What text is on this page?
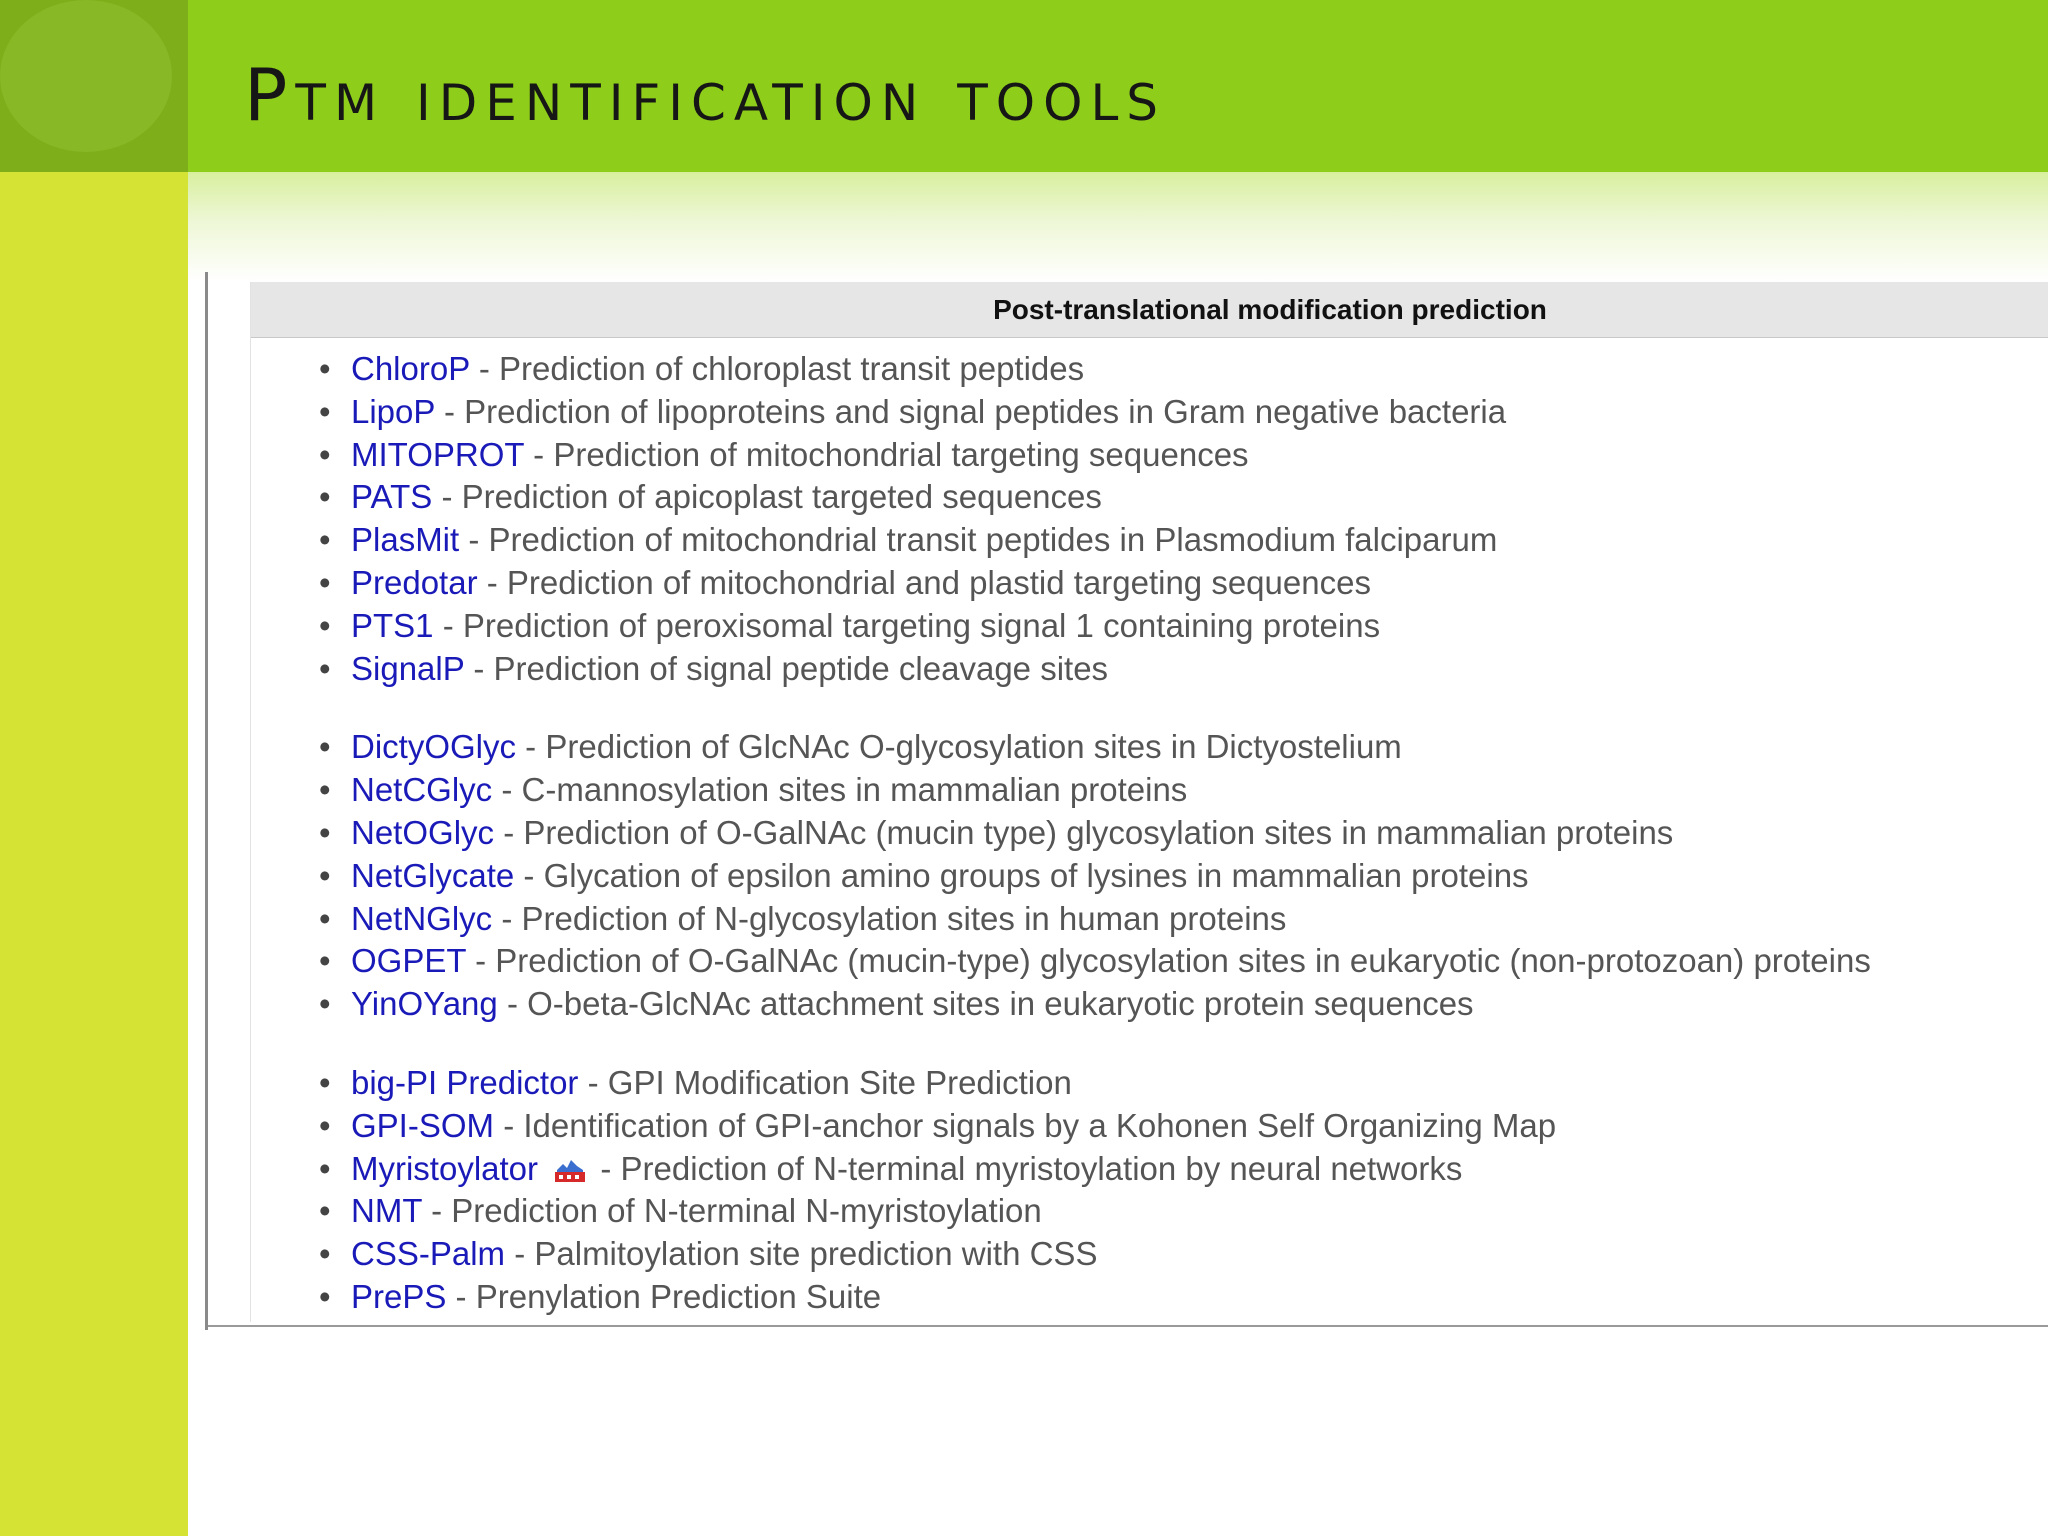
Ptm identification tools
Post-translational modification prediction
• ChloroP - Prediction of chloroplast transit peptides
• LipoP - Prediction of lipoproteins and signal peptides in Gram negative bacteria
• MITOPROT - Prediction of mitochondrial targeting sequences
• PATS - Prediction of apicoplast targeted sequences
• PlasMit - Prediction of mitochondrial transit peptides in Plasmodium falciparum
• Predotar - Prediction of mitochondrial and plastid targeting sequences
• PTS1 - Prediction of peroxisomal targeting signal 1 containing proteins
• SignalP - Prediction of signal peptide cleavage sites
• DictyOGlyc - Prediction of GlcNAc O-glycosylation sites in Dictyostelium
• NetCGlyc - C-mannosylation sites in mammalian proteins
• NetOGlyc - Prediction of O-GalNAc (mucin type) glycosylation sites in mammalian proteins
• NetGlycate - Glycation of epsilon amino groups of lysines in mammalian proteins
• NetNGlyc - Prediction of N-glycosylation sites in human proteins
• OGPET - Prediction of O-GalNAc (mucin-type) glycosylation sites in eukaryotic (non-protozoan) proteins
• YinOYang - O-beta-GlcNAc attachment sites in eukaryotic protein sequences
• big-PI Predictor - GPI Modification Site Prediction
• GPI-SOM - Identification of GPI-anchor signals by a Kohonen Self Organizing Map
• Myristoylator - Prediction of N-terminal myristoylation by neural networks
• NMT - Prediction of N-terminal N-myristoylation
• CSS-Palm - Palmitoylation site prediction with CSS
• PrePS - Prenylation Prediction Suite
